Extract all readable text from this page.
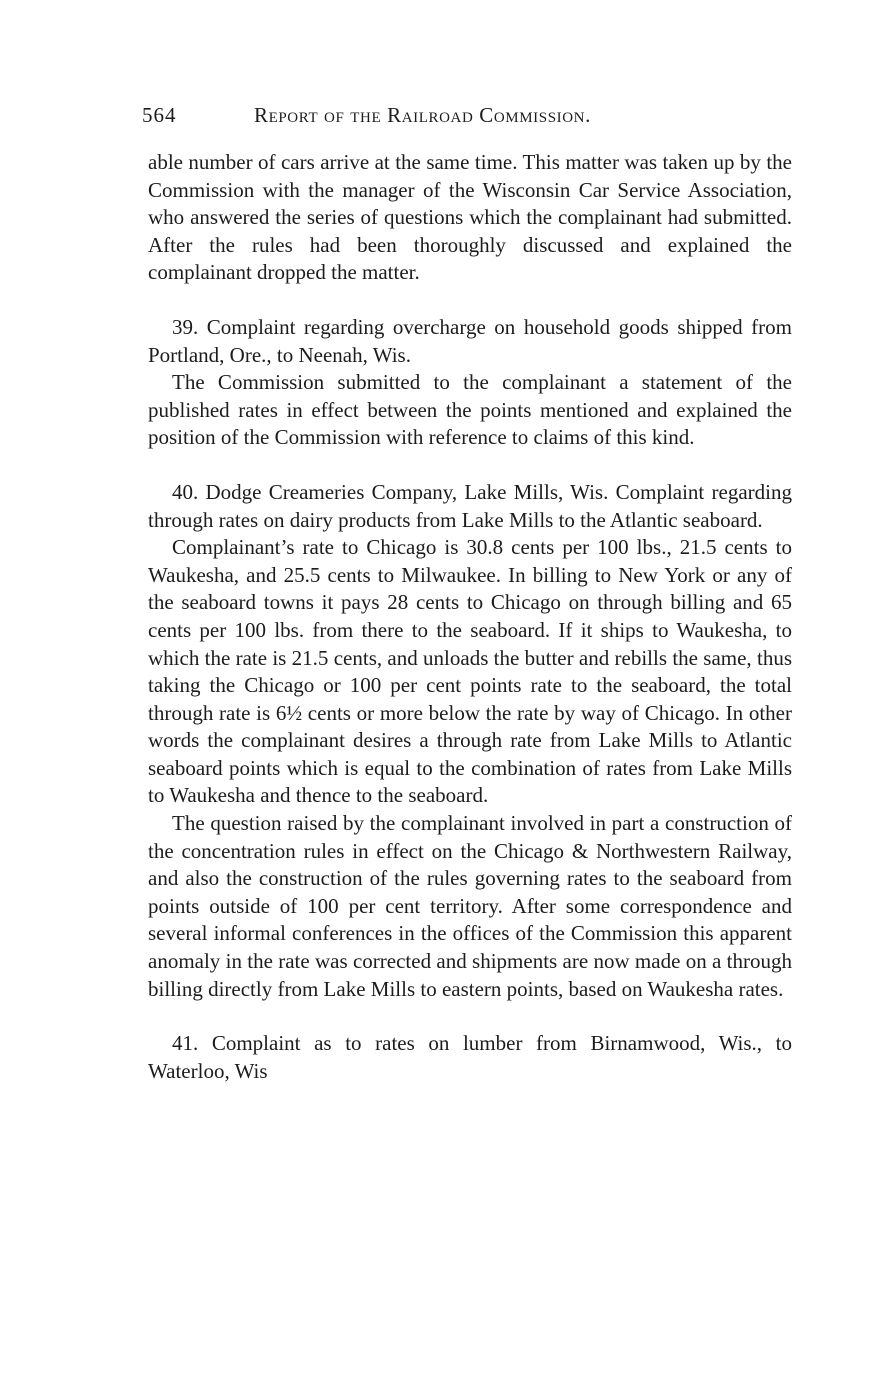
564	Report of the Railroad Commission.

able number of cars arrive at the same time. This matter was taken up by the Commission with the manager of the Wisconsin Car Service Association, who answered the series of questions which the complainant had submitted. After the rules had been thoroughly discussed and explained the complainant dropped the matter.

39. Complaint regarding overcharge on household goods shipped from Portland, Ore., to Neenah, Wis.

The Commission submitted to the complainant a statement of the published rates in effect between the points mentioned and explained the position of the Commission with reference to claims of this kind.

40. Dodge Creameries Company, Lake Mills, Wis. Complaint regarding through rates on dairy products from Lake Mills to the Atlantic seaboard.

Complainant’s rate to Chicago is 30.8 cents per 100 lbs., 21.5 cents to Waukesha, and 25.5 cents to Milwaukee. In billing to New York or any of the seaboard towns it pays 28 cents to Chicago on through billing and 65 cents per 100 lbs. from there to the seaboard. If it ships to Waukesha, to which the rate is 21.5 cents, and unloads the butter and rebills the same, thus taking the Chicago or 100 per cent points rate to the seaboard, the total through rate is 6½ cents or more below the rate by way of Chicago. In other words the complainant desires a through rate from Lake Mills to Atlantic seaboard points which is equal to the combination of rates from Lake Mills to Waukesha and thence to the seaboard.

The question raised by the complainant involved in part a construction of the concentration rules in effect on the Chicago & Northwestern Railway, and also the construction of the rules governing rates to the seaboard from points outside of 100 per cent territory. After some correspondence and several informal conferences in the offices of the Commission this apparent anomaly in the rate was corrected and shipments are now made on a through billing directly from Lake Mills to eastern points, based on Waukesha rates.

41. Complaint as to rates on lumber from Birnamwood, Wis., to Waterloo, Wis
